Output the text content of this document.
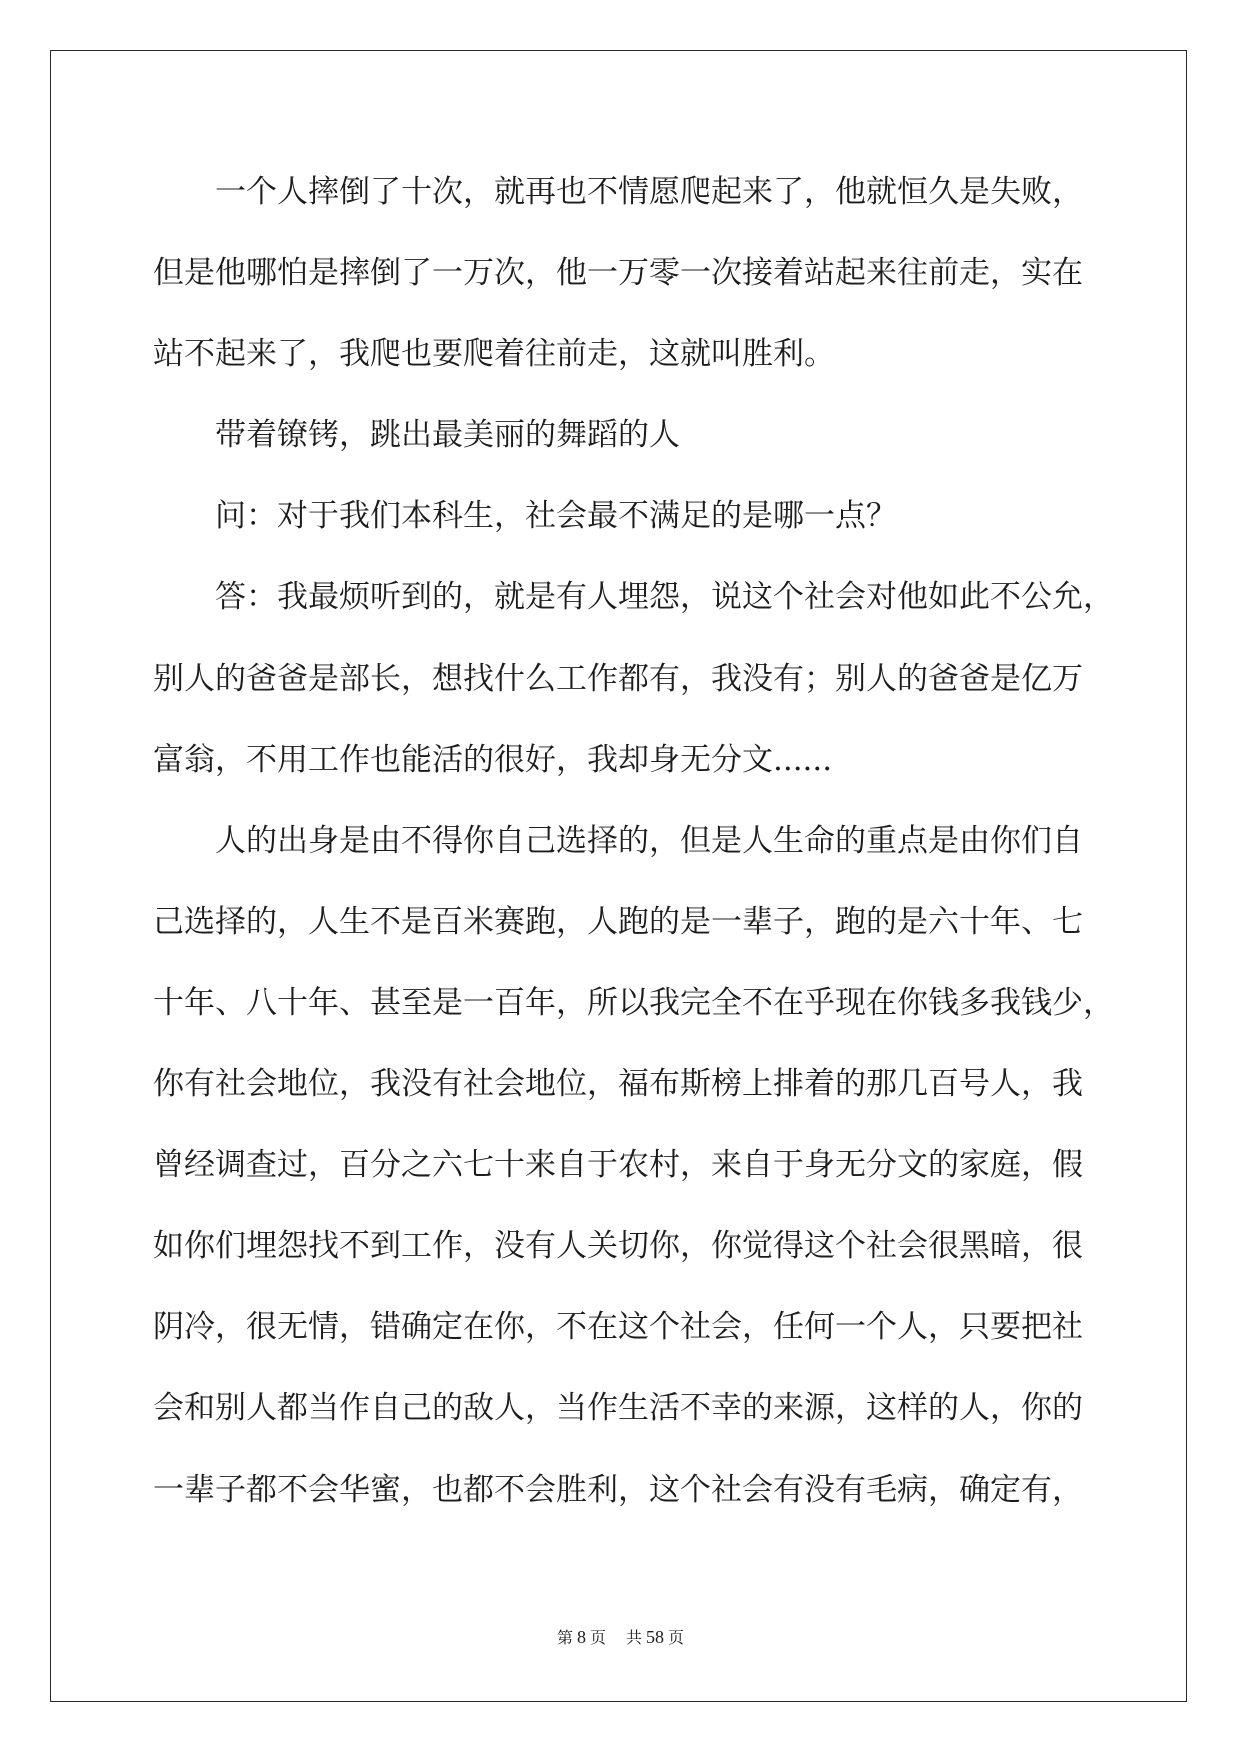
一个人摔倒了十次，就再也不情愿爬起来了，他就恒久是失败，
但是他哪怕是摔倒了一万次，他一万零一次接着站起来往前走，实在
站不起来了，我爬也要爬着往前走，这就叫胜利。
带着镣铐，跳出最美丽的舞蹈的人
问：对于我们本科生，社会最不满足的是哪一点？
答：我最烦听到的，就是有人埋怨，说这个社会对他如此不公允，
别人的爸爸是部长，想找什么工作都有，我没有；别人的爸爸是亿万
富翁，不用工作也能活的很好，我却身无分文......
人的出身是由不得你自己选择的，但是人生命的重点是由你们自
己选择的，人生不是百米赛跑，人跑的是一辈子，跑的是六十年、七
十年、八十年、甚至是一百年，所以我完全不在乎现在你钱多我钱少，
你有社会地位，我没有社会地位，福布斯榜上排着的那几百号人，我
曾经调查过，百分之六七十来自于农村，来自于身无分文的家庭，假
如你们埋怨找不到工作，没有人关切你，你觉得这个社会很黑暗，很
阴冷，很无情，错确定在你，不在这个社会，任何一个人，只要把社
会和别人都当作自己的敌人，当作生活不幸的来源，这样的人，你的
一辈子都不会华蜜，也都不会胜利，这个社会有没有毛病，确定有，
第 8 页 共 58 页
